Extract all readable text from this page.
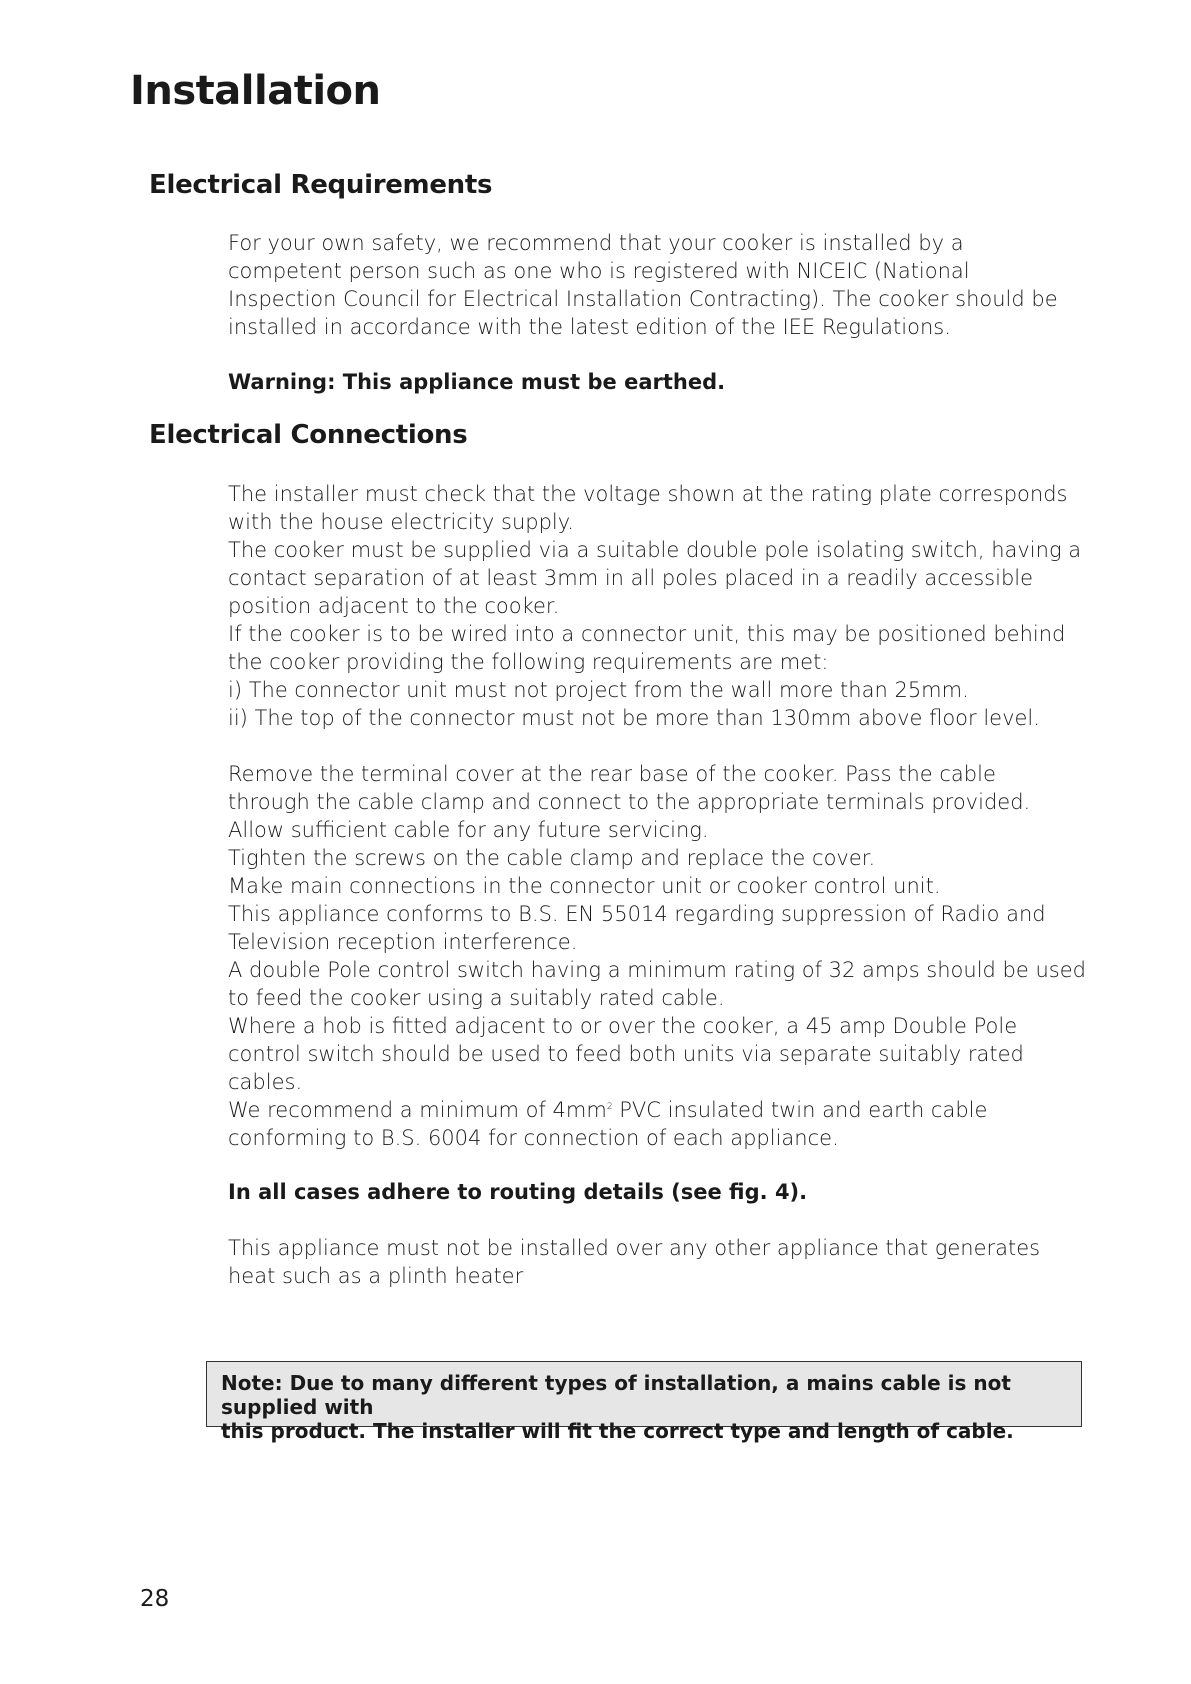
Installation
Electrical Requirements

For your own safety, we recommend that your cooker is installed by a

competent person such as one who is registered with NICEIC (National

Inspection Council for Electrical Installation Contracting). The cooker should be

installed in accordance with the latest edition of the IEE Regulations.

Warning: This appliance must be earthed.
Electrical Connections

The installer must check that the voltage shown at the rating plate corresponds

with the house electricity supply.

The cooker must be supplied via a suitable double pole isolating switch, having a

contact separation of at least 3mm in all poles placed in a readily accessible

position adjacent to the cooker.

If the cooker is to be wired into a connector unit, this may be positioned behind

the cooker providing the following requirements are met:

i) The connector unit must not project from the wall more than 25mm.

ii) The top of the connector must not be more than 130mm above floor level.

Remove the terminal cover at the rear base of the cooker. Pass the cable

through the cable clamp and connect to the appropriate terminals provided.

Allow sufficient cable for any future servicing.

Tighten the screws on the cable clamp and replace the cover.

Make main connections in the connector unit or cooker control unit.

This appliance conforms to B.S. EN 55014 regarding suppression of Radio and

Television reception interference.

A double Pole control switch having a minimum rating of 32 amps should be used

to feed the cooker using a suitably rated cable.

Where a hob is fitted adjacent to or over the cooker, a 45 amp Double Pole

control switch should be used to feed both units via separate suitably rated

cables.

We recommend a minimum of $4mm^2$ PVC insulated twin and earth cable

conforming to B.S. 6004 for connection of each appliance.

In all cases adhere to routing details (see fig. 4).

This appliance must not be installed over any other appliance that generates

heat such as a plinth heater

Note: Due to many different types of installation, a mains cable is not supplied with
this product. The installer will fit the correct type and length of cable.
28
